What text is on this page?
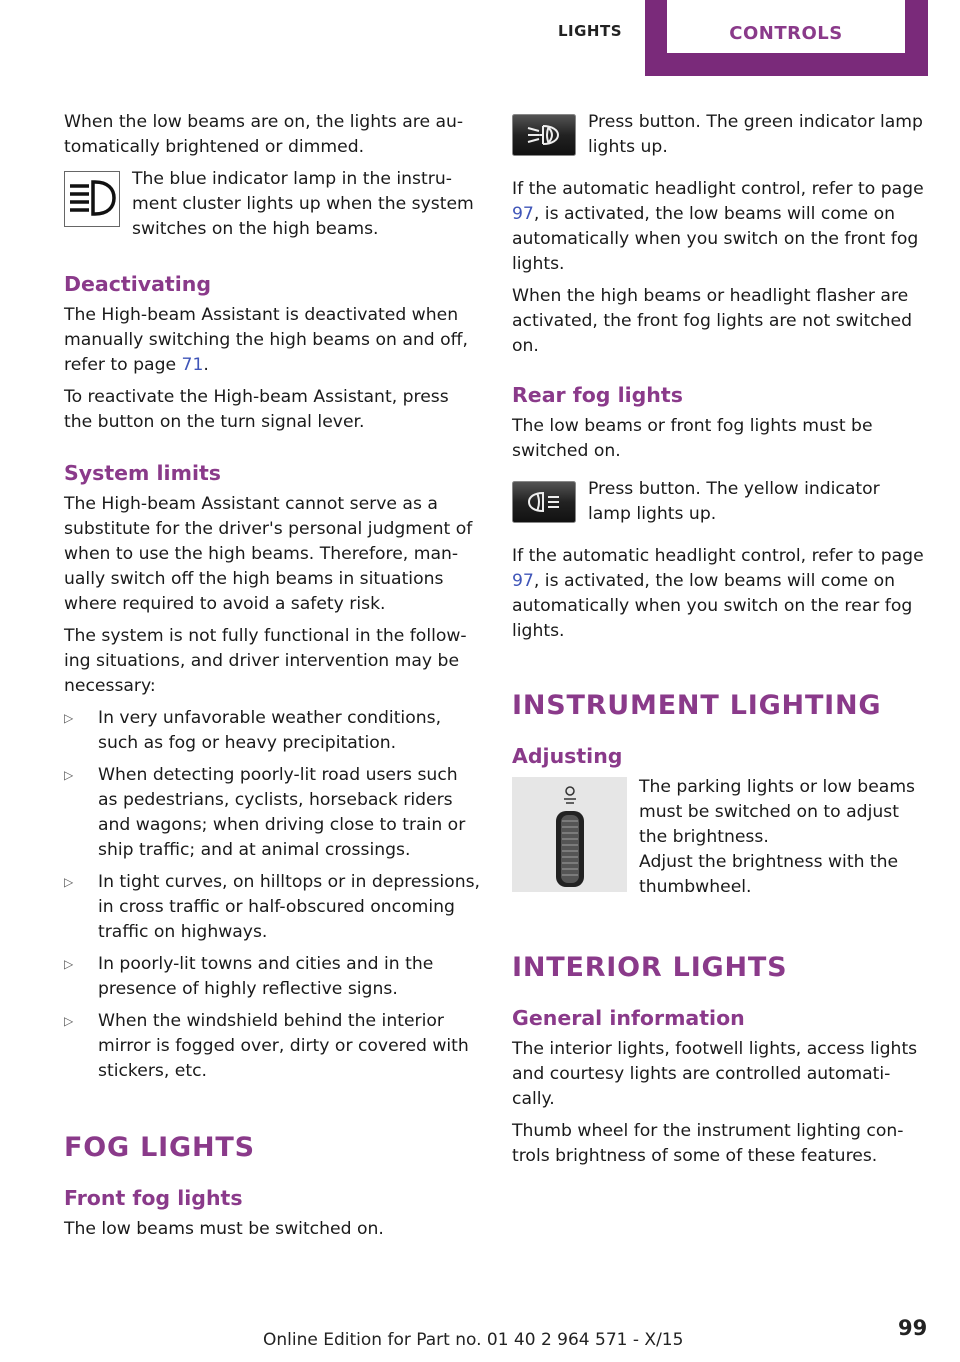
LIGHTS	CONTROLS

When the low beams are on, the lights are au‐tomatically brightened or dimmed.

The blue indicator lamp in the instru‐ment cluster lights up when the system switches on the high beams.

Deactivating

The High-beam Assistant is deactivated when manually switching the high beams on and off, refer to page 71.

To reactivate the High-beam Assistant, press the button on the turn signal lever.

System limits

The High-beam Assistant cannot serve as a substitute for the driver's personal judgment of when to use the high beams. Therefore, man‐ually switch off the high beams in situations where required to avoid a safety risk.

The system is not fully functional in the follow‐ing situations, and driver intervention may be necessary:

▷	In very unfavorable weather conditions, such as fog or heavy precipitation.
▷	When detecting poorly-lit road users such as pedestrians, cyclists, horseback riders and wagons; when driving close to train or ship traffic; and at animal crossings.
▷	In tight curves, on hilltops or in depressions, in cross traffic or half-obscured oncoming traffic on highways.
▷	In poorly-lit towns and cities and in the presence of highly reflective signs.
▷	When the windshield behind the interior mirror is fogged over, dirty or covered with stickers, etc.
FOG LIGHTS
Front fog lights

The low beams must be switched on.

Press button. The green indicator lamp lights up.

If the automatic headlight control, refer to page 97, is activated, the low beams will come on automatically when you switch on the front fog lights.

When the high beams or headlight flasher are activated, the front fog lights are not switched on.

Rear fog lights

The low beams or front fog lights must be switched on.

Press button. The yellow indicator lamp lights up.

If the automatic headlight control, refer to page 97, is activated, the low beams will come on automatically when you switch on the rear fog lights.

INSTRUMENT LIGHTING
Adjusting

The parking lights or low beams must be switched on to adjust the brightness.

Adjust the brightness with the thumbwheel.

INTERIOR LIGHTS
General information

The interior lights, footwell lights, access lights and courtesy lights are controlled automati‐cally.

Thumb wheel for the instrument lighting con‐trols brightness of some of these features.

Online Edition for Part no. 01 40 2 964 571 - X/15	99
